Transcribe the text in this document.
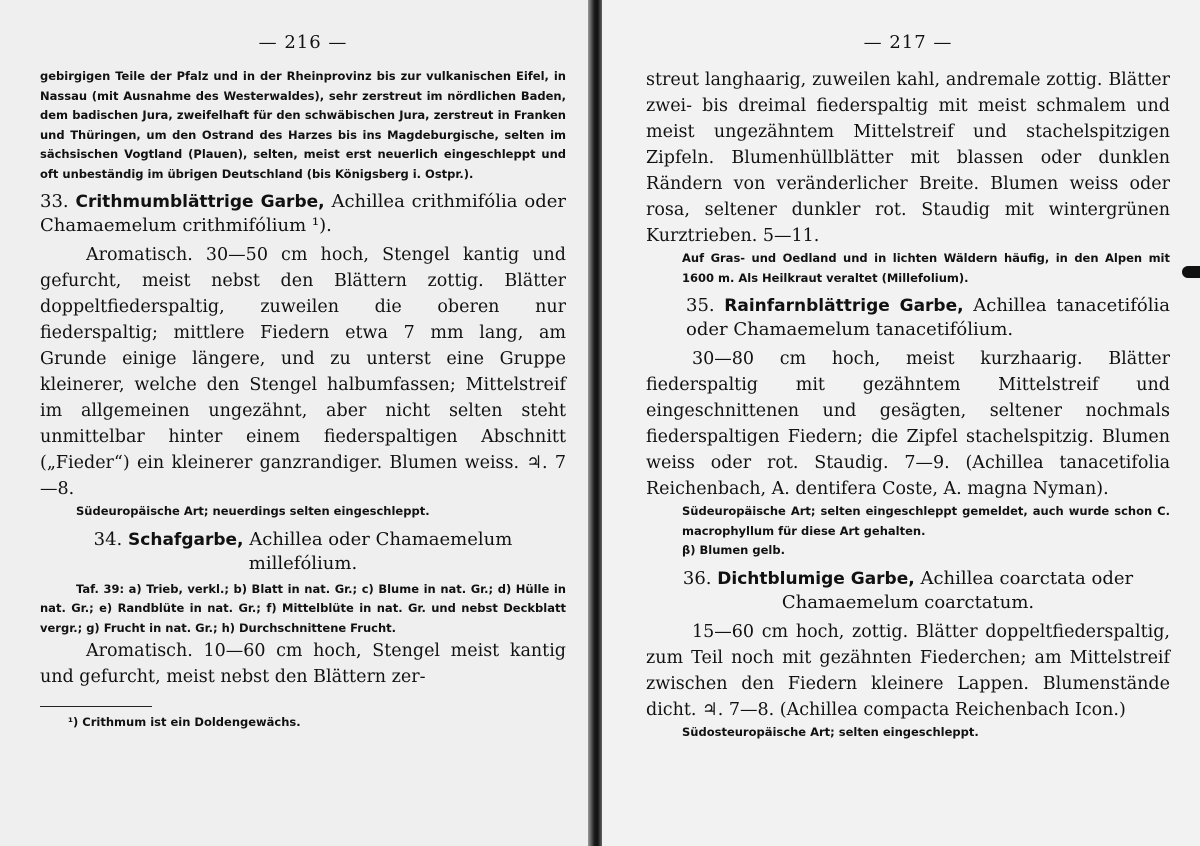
— 216 —

gebirgigen Teile der Pfalz und in der Rheinprovinz bis zur vulkanischen Eifel, in Nassau (mit Ausnahme des Westerwaldes), sehr zerstreut im nördlichen Baden, dem badischen Jura, zweifelhaft für den schwäbischen Jura, zerstreut in Franken und Thüringen, um den Ostrand des Harzes bis ins Magdeburgische, selten im sächsischen Vogtland (Plauen), selten, meist erst neuerlich eingeschleppt und oft unbeständig im übrigen Deutschland (bis Königsberg i. Ostpr.).

33. Crithmumblättrige Garbe, Achillea crithmifólia oder Chamaemelum crithmifólium ¹).

Aromatisch. 30—50 cm hoch, Stengel kantig und gefurcht, meist nebst den Blättern zottig. Blätter doppeltfiederspaltig, zuweilen die oberen nur fiederspaltig; mittlere Fiedern etwa 7 mm lang, am Grunde einige längere, und zu unterst eine Gruppe kleinerer, welche den Stengel halbumfassen; Mittelstreif im allgemeinen ungezähnt, aber nicht selten steht unmittelbar hinter einem fiederspaltigen Abschnitt („Fieder“) ein kleinerer ganzrandiger. Blumen weiss. ♃. 7—8.

Südeuropäische Art; neuerdings selten eingeschleppt.

34. Schafgarbe, Achillea oder Chamaemelum
millefólium.

Taf. 39: a) Trieb, verkl.; b) Blatt in nat. Gr.; c) Blume in nat. Gr.; d) Hülle in nat. Gr.; e) Randblüte in nat. Gr.; f) Mittelblüte in nat. Gr. und nebst Deckblatt vergr.; g) Frucht in nat. Gr.; h) Durchschnittene Frucht.

Aromatisch. 10—60 cm hoch, Stengel meist kantig und gefurcht, meist nebst den Blättern zer-

¹) Crithmum ist ein Doldengewächs.

— 217 —

streut langhaarig, zuweilen kahl, andremale zottig. Blätter zwei- bis dreimal fiederspaltig mit meist schmalem und meist ungezähntem Mittelstreif und stachelspitzigen Zipfeln. Blumenhüllblätter mit blassen oder dunklen Rändern von veränderlicher Breite. Blumen weiss oder rosa, seltener dunkler rot. Staudig mit wintergrünen Kurztrieben. 5—11.

Auf Gras- und Oedland und in lichten Wäldern häufig, in den Alpen mit 1600 m. Als Heilkraut veraltet (Millefolium).

35. Rainfarnblättrige Garbe, Achillea tanacetifólia oder Chamaemelum tanacetifólium.

30—80 cm hoch, meist kurzhaarig. Blätter fiederspaltig mit gezähntem Mittelstreif und eingeschnittenen und gesägten, seltener nochmals fiederspaltigen Fiedern; die Zipfel stachelspitzig. Blumen weiss oder rot. Staudig. 7—9. (Achillea tanacetifolia Reichenbach, A. dentifera Coste, A. magna Nyman).

Südeuropäische Art; selten eingeschleppt gemeldet, auch wurde schon C. macrophyllum für diese Art gehalten.

β) Blumen gelb.

36. Dichtblumige Garbe, Achillea coarctata oder
Chamaemelum coarctatum.

15—60 cm hoch, zottig. Blätter doppeltfiederspaltig, zum Teil noch mit gezähnten Fiederchen; am Mittelstreif zwischen den Fiedern kleinere Lappen. Blumenstände dicht. ♃. 7—8. (Achillea compacta Reichenbach Icon.)

Südosteuropäische Art; selten eingeschleppt.
